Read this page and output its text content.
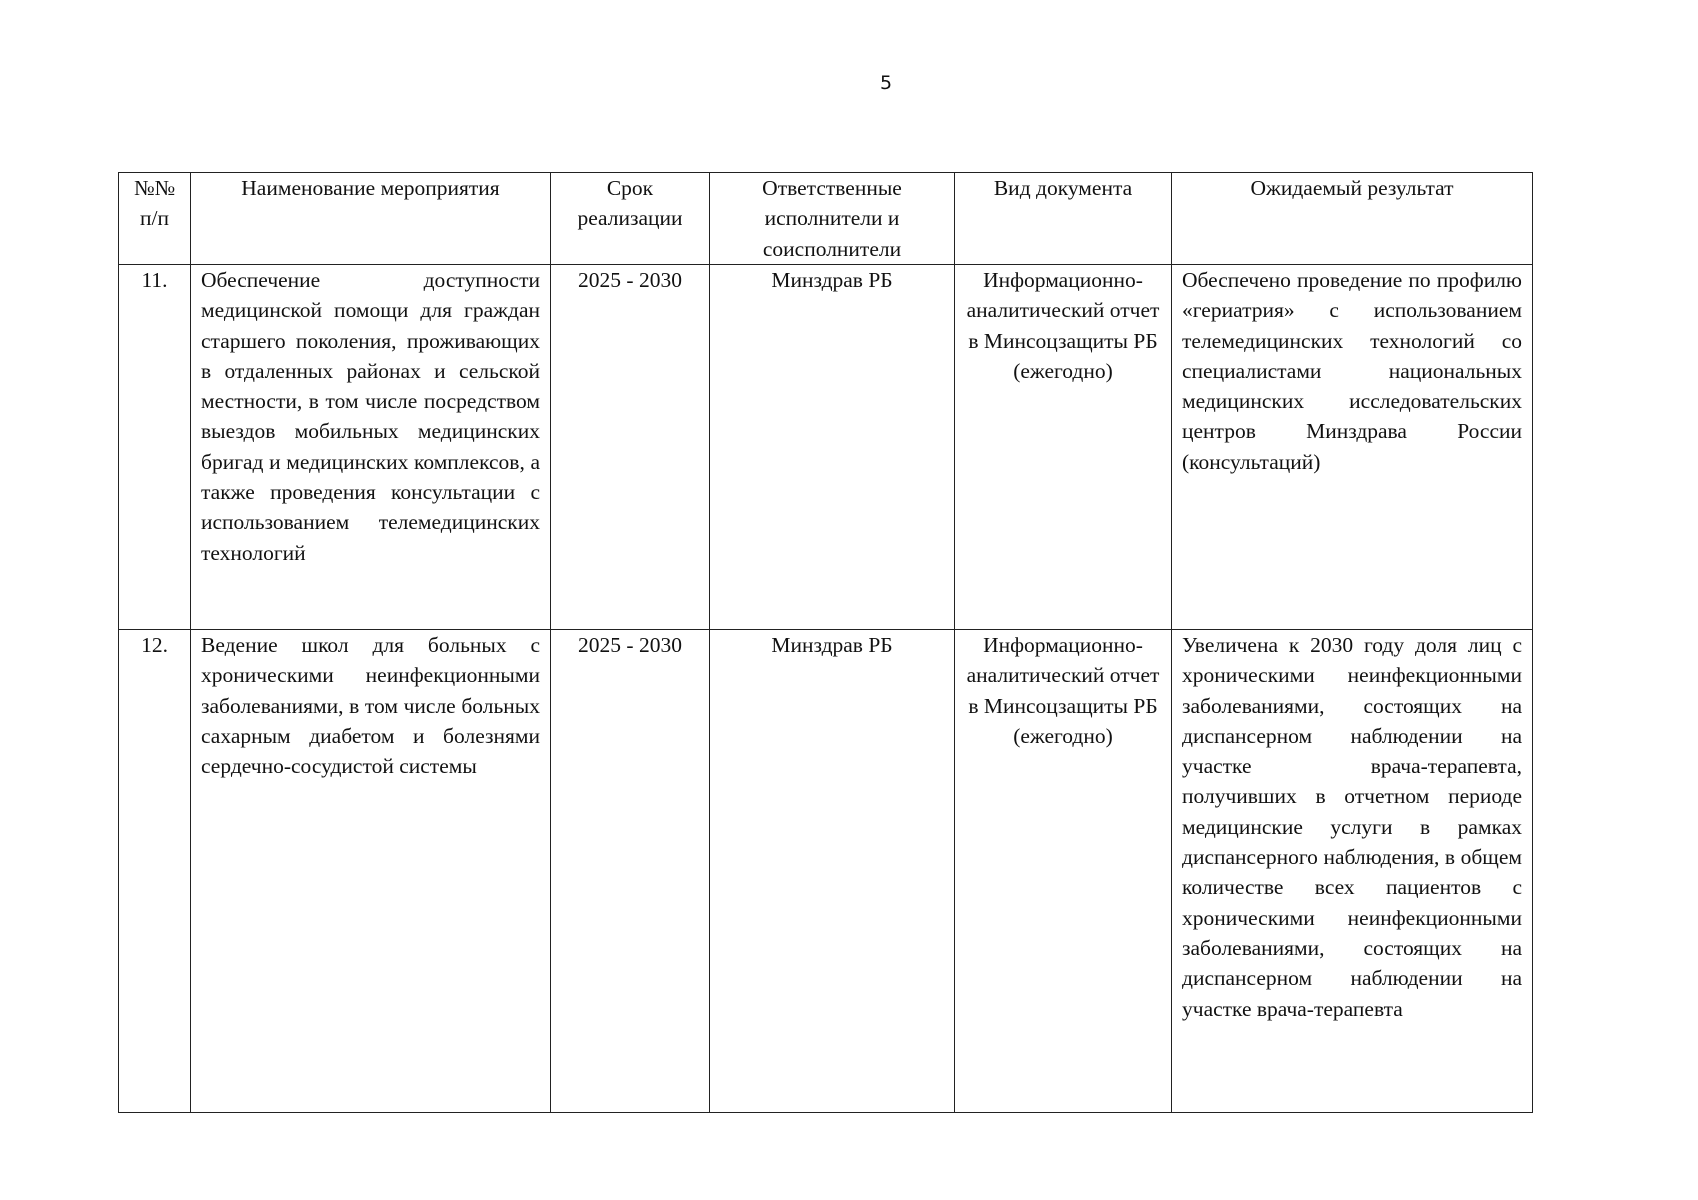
5
№№ п/п	Наименование мероприятия	Срок реализации	Ответственные исполнители и соисполнители	Вид документа	Ожидаемый результат
11.	Обеспечение доступности медицинской помощи для граждан старшего поколения, проживающих в отдаленных районах и сельской местности, в том числе посредством выездов мобильных медицинских бригад и медицинских комплексов, а также проведения консультации с использованием телемедицинских технологий	2025 - 2030	Минздрав РБ	Информационно-аналитический отчет в Минсоцзащиты РБ (ежегодно)	Обеспечено проведение по профилю «гериатрия» с использованием телемедицинских технологий со специалистами национальных медицинских исследовательских центров Минздрава России (консультаций)
12.	Ведение школ для больных с хроническими неинфекционными заболеваниями, в том числе больных сахарным диабетом и болезнями сердечно-сосудистой системы	2025 - 2030	Минздрав РБ	Информационно-аналитический отчет в Минсоцзащиты РБ (ежегодно)	Увеличена к 2030 году доля лиц с хроническими неинфекционными заболеваниями, состоящих на диспансерном наблюдении на участке врача-терапевта, получивших в отчетном периоде медицинские услуги в рамках диспансерного наблюдения, в общем количестве всех пациентов с хроническими неинфекционными заболеваниями, состоящих на диспансерном наблюдении на участке врача-терапевта
